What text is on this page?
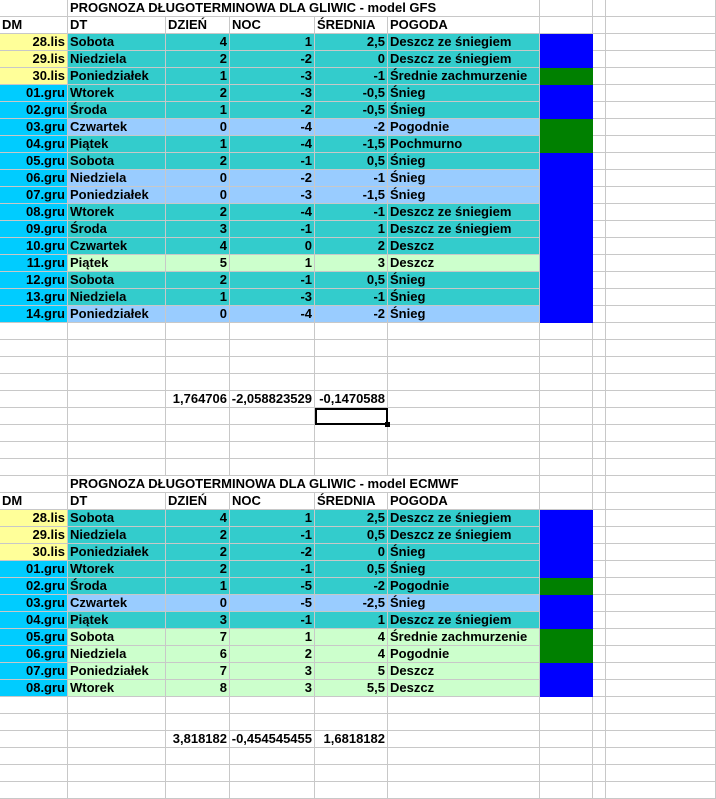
PROGNOZA DŁUGOTERMINOWA DLA GLIWIC - model GFS
DM	DT	DZIEŃ	NOC	ŚREDNIA	POGODA
28.lis Sobota	4	1	2,5 Deszcz ze śniegiem
29.lis Niedziela	2	-2	0 Deszcz ze śniegiem
30.lis Poniedziałek	1	-3	-1 Średnie zachmurzenie
01.gru Wtorek	2	-3	-0,5 Śnieg
02.gru Środa	1	-2	-0,5 Śnieg
03.gru Czwartek	0	-4	-2 Pogodnie
04.gru Piątek	1	-4	-1,5 Pochmurno
05.gru Sobota	2	-1	0,5 Śnieg
06.gru Niedziela	0	-2	-1 Śnieg
07.gru Poniedziałek	0	-3	-1,5 Śnieg
08.gru Wtorek	2	-4	-1 Deszcz ze śniegiem
09.gru Środa	3	-1	1 Deszcz ze śniegiem
10.gru Czwartek	4	0	2 Deszcz
11.gru Piątek	5	1	3 Deszcz
12.gru Sobota	2	-1	0,5 Śnieg
13.gru Niedziela	1	-3	-1 Śnieg
14.gru Poniedziałek	0	-4	-2 Śnieg
1,764706 -2,058823529 -0,1470588
PROGNOZA DŁUGOTERMINOWA DLA GLIWIC - model ECMWF
DM	DT	DZIEŃ	NOC	ŚREDNIA	POGODA
28.lis Sobota	4	1	2,5 Deszcz ze śniegiem
29.lis Niedziela	2	-1	0,5 Deszcz ze śniegiem
30.lis Poniedziałek	2	-2	0 Śnieg
01.gru Wtorek	2	-1	0,5 Śnieg
02.gru Środa	1	-5	-2 Pogodnie
03.gru Czwartek	0	-5	-2,5 Śnieg
04.gru Piątek	3	-1	1 Deszcz ze śniegiem
05.gru Sobota	7	1	4 Średnie zachmurzenie
06.gru Niedziela	6	2	4 Pogodnie
07.gru Poniedziałek	7	3	5 Deszcz
08.gru Wtorek	8	3	5,5 Deszcz
3,818182 -0,454545455 1,6818182
